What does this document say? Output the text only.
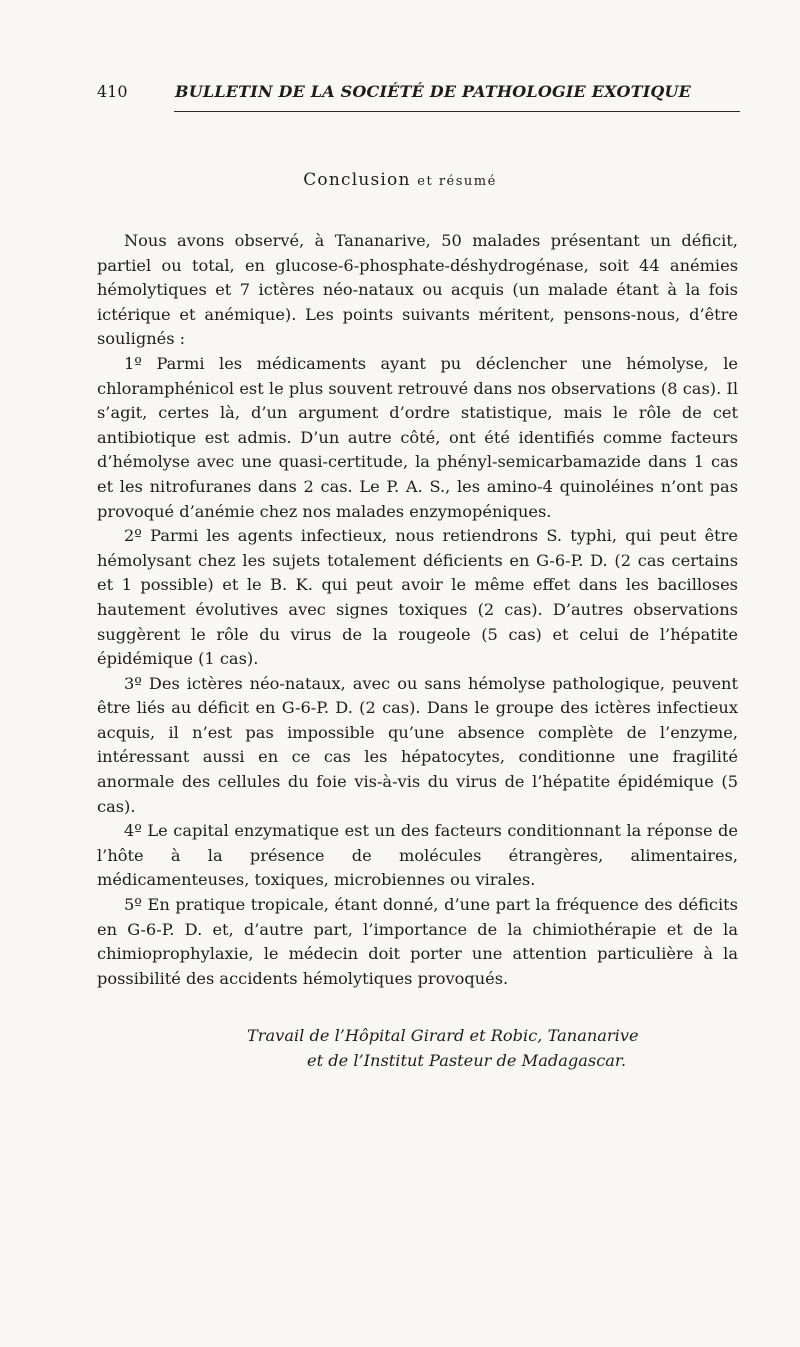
410	BULLETIN DE LA SOCIÉTÉ DE PATHOLOGIE EXOTIQUE
Conclusion et résumé

Nous avons observé, à Tananarive, 50 malades présentant un déficit, partiel ou total, en glucose-6-phosphate-déshydrogénase, soit 44 anémies hémolytiques et 7 ictères néo-nataux ou acquis (un malade étant à la fois ictérique et anémique). Les points suivants méritent, pensons-nous, d’être soulignés :

1º Parmi les médicaments ayant pu déclencher une hémolyse, le chloramphénicol est le plus souvent retrouvé dans nos observations (8 cas). Il s’agit, certes là, d’un argument d’ordre statistique, mais le rôle de cet antibiotique est admis. D’un autre côté, ont été identifiés comme facteurs d’hémolyse avec une quasi-certitude, la phényl-semicarbamazide dans 1 cas et les nitrofuranes dans 2 cas. Le P. A. S., les amino-4 quinoléines n’ont pas provoqué d’anémie chez nos malades enzymopéniques.

2º Parmi les agents infectieux, nous retiendrons S. typhi, qui peut être hémolysant chez les sujets totalement déficients en G-6-P. D. (2 cas certains et 1 possible) et le B. K. qui peut avoir le même effet dans les bacilloses hautement évolutives avec signes toxiques (2 cas). D’autres observations suggèrent le rôle du virus de la rougeole (5 cas) et celui de l’hépatite épidémique (1 cas).

3º Des ictères néo-nataux, avec ou sans hémolyse pathologique, peuvent être liés au déficit en G-6-P. D. (2 cas). Dans le groupe des ictères infectieux acquis, il n’est pas impossible qu’une absence complète de l’enzyme, intéressant aussi en ce cas les hépatocytes, conditionne une fragilité anormale des cellules du foie vis-à-vis du virus de l’hépatite épidémique (5 cas).

4º Le capital enzymatique est un des facteurs conditionnant la réponse de l’hôte à la présence de molécules étrangères, alimentaires, médicamenteuses, toxiques, microbiennes ou virales.

5º En pratique tropicale, étant donné, d’une part la fréquence des déficits en G-6-P. D. et, d’autre part, l’importance de la chimiothérapie et de la chimioprophylaxie, le médecin doit porter une attention particulière à la possibilité des accidents hémolytiques provoqués.

Travail de l’Hôpital Girard et Robic, Tananarive
et de l’Institut Pasteur de Madagascar.
